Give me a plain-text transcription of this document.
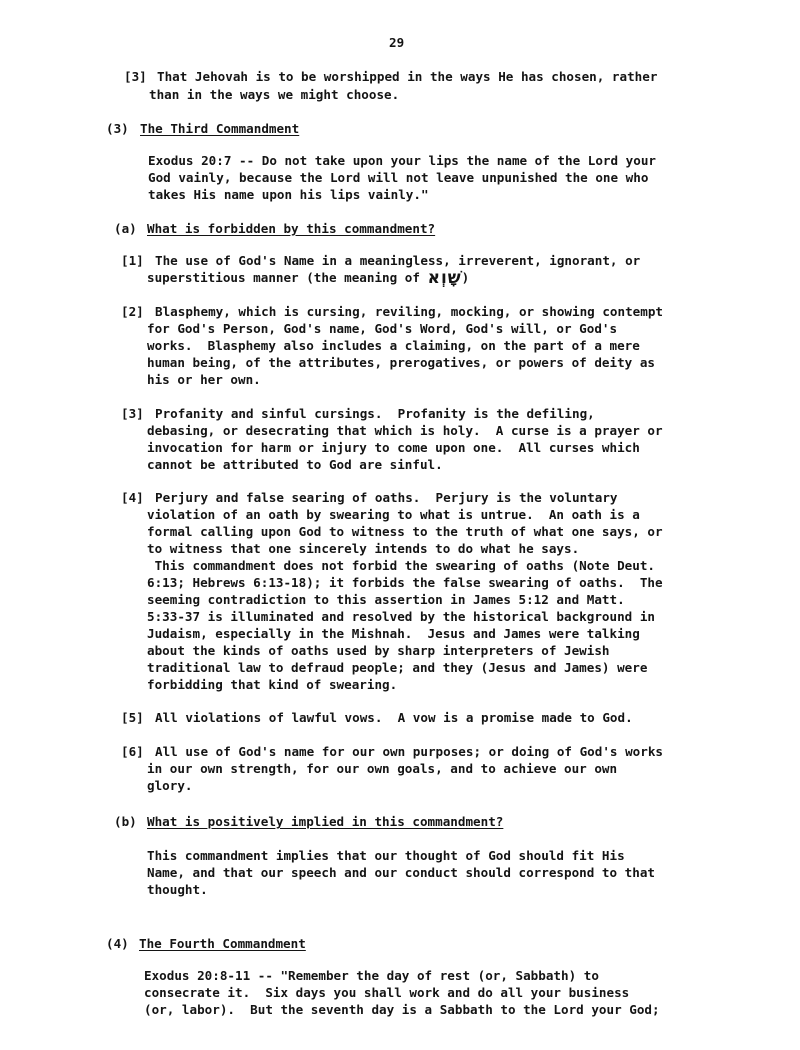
29
[3] That Jehovah is to be worshipped in the ways He has chosen, rather
than in the ways we might choose.
(3) The Third Commandment
Exodus 20:7 -- Do not take upon your lips the name of the Lord your
God vainly, because the Lord will not leave unpunished the one who
takes His name upon his lips vainly."
(a) What is forbidden by this commandment?
[1] The use of God's Name in a meaningless, irreverent, ignorant, or
superstitious manner (the meaning of שָׁוְא)
[2] Blasphemy, which is cursing, reviling, mocking, or showing contempt
for God's Person, God's name, God's Word, God's will, or God's
works.  Blasphemy also includes a claiming, on the part of a mere
human being, of the attributes, prerogatives, or powers of deity as
his or her own.
[3] Profanity and sinful cursings.  Profanity is the defiling,
debasing, or desecrating that which is holy.  A curse is a prayer or
invocation for harm or injury to come upon one.  All curses which
cannot be attributed to God are sinful.
[4] Perjury and false searing of oaths.  Perjury is the voluntary
violation of an oath by swearing to what is untrue.  An oath is a
formal calling upon God to witness to the truth of what one says, or
to witness that one sincerely intends to do what he says.
This commandment does not forbid the swearing of oaths (Note Deut.
6:13; Hebrews 6:13-18); it forbids the false swearing of oaths.  The
seeming contradiction to this assertion in James 5:12 and Matt.
5:33-37 is illuminated and resolved by the historical background in
Judaism, especially in the Mishnah.  Jesus and James were talking
about the kinds of oaths used by sharp interpreters of Jewish
traditional law to defraud people; and they (Jesus and James) were
forbidding that kind of swearing.
[5] All violations of lawful vows.  A vow is a promise made to God.
[6] All use of God's name for our own purposes; or doing of God's works
in our own strength, for our own goals, and to achieve our own
glory.
(b) What is positively implied in this commandment?
This commandment implies that our thought of God should fit His
Name, and that our speech and our conduct should correspond to that
thought.
(4) The Fourth Commandment
Exodus 20:8-11 -- "Remember the day of rest (or, Sabbath) to
consecrate it.  Six days you shall work and do all your business
(or, labor).  But the seventh day is a Sabbath to the Lord your God;
